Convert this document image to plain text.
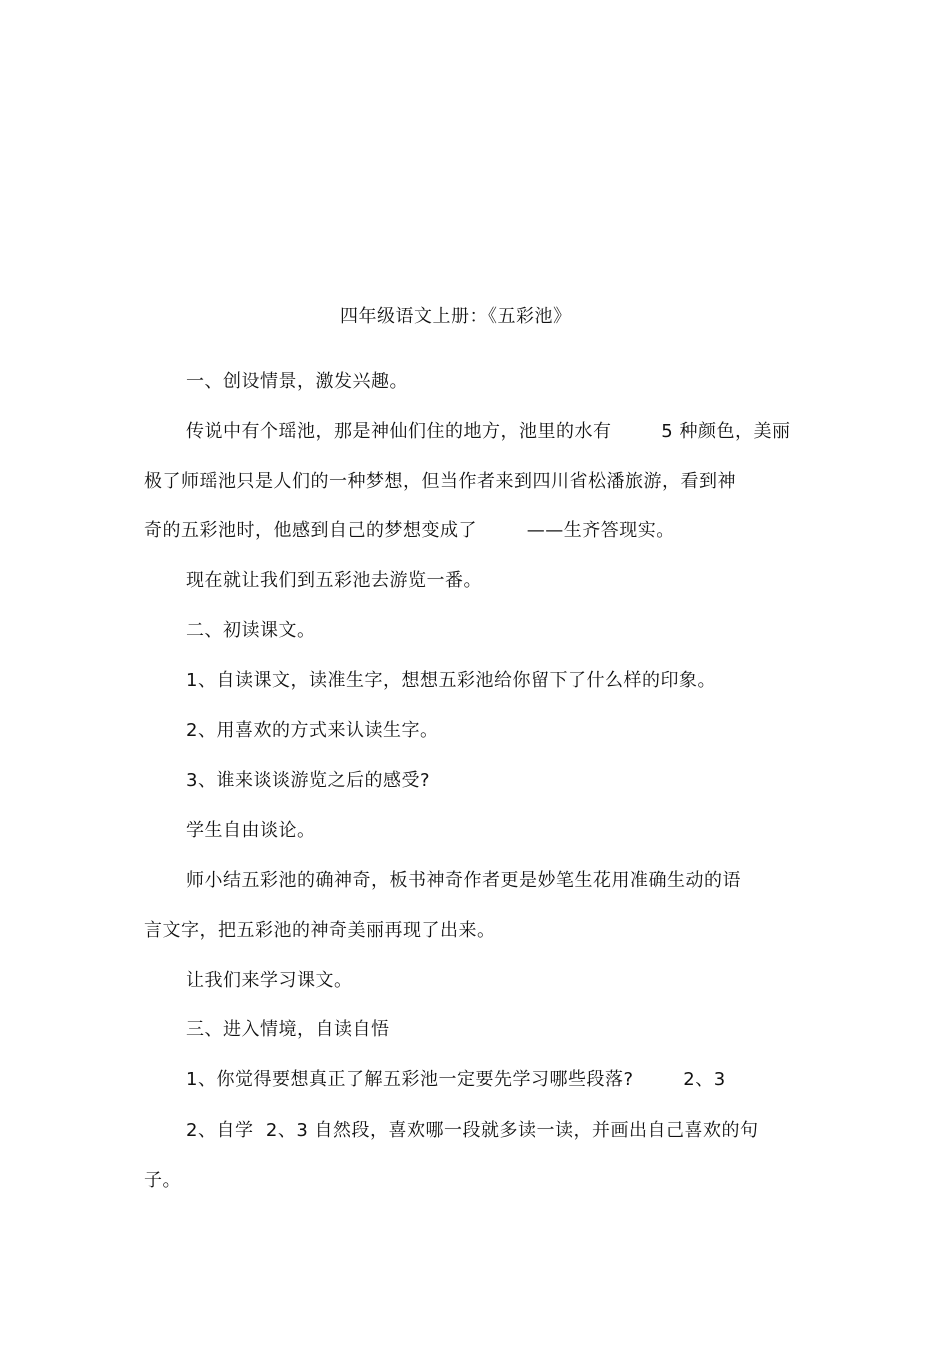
四年级语文上册：《五彩池》
一、创设情景，激发兴趣。
传说中有个瑶池，那是神仙们住的地方，池里的水有        5 种颜色，美丽
极了师瑶池只是人们的一种梦想，但当作者来到四川省松潘旅游，看到神
奇的五彩池时，他感到自己的梦想变成了        ——生齐答现实。
现在就让我们到五彩池去游览一番。
二、初读课文。
1、自读课文，读准生字，想想五彩池给你留下了什么样的印象。
2、用喜欢的方式来认读生字。
3、谁来谈谈游览之后的感受?
学生自由谈论。
师小结五彩池的确神奇，板书神奇作者更是妙笔生花用准确生动的语
言文字，把五彩池的神奇美丽再现了出来。
让我们来学习课文。
三、进入情境，自读自悟
1、你觉得要想真正了解五彩池一定要先学习哪些段落?        2、3
2、自学  2、3 自然段，喜欢哪一段就多读一读，并画出自己喜欢的句
子。
